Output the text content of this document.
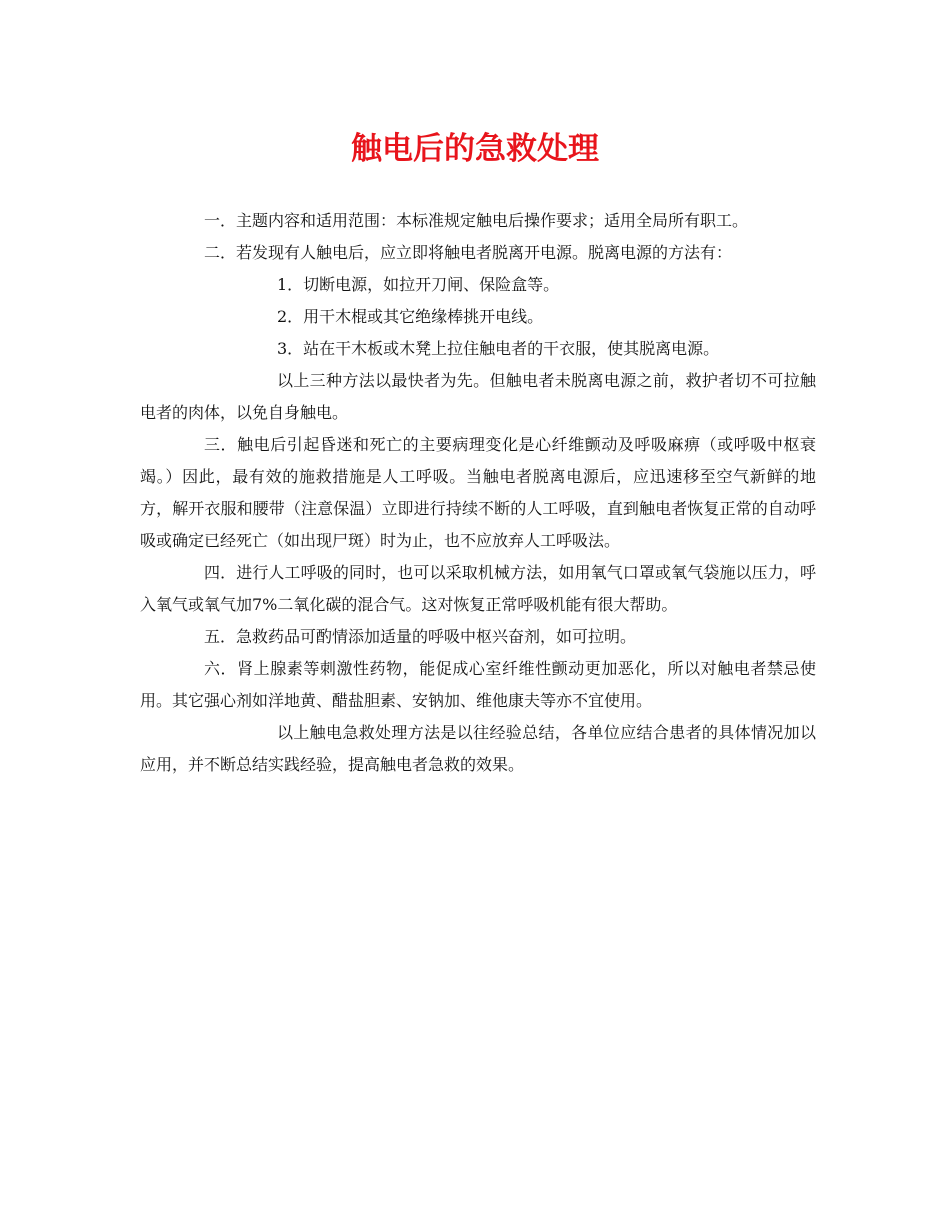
触电后的急救处理

一．主题内容和适用范围：本标准规定触电后操作要求；适用全局所有职工。

二．若发现有人触电后，应立即将触电者脱离开电源。脱离电源的方法有：

1．切断电源，如拉开刀闸、保险盒等。

2．用干木棍或其它绝缘棒挑开电线。

3．站在干木板或木凳上拉住触电者的干衣服，使其脱离电源。

以上三种方法以最快者为先。但触电者未脱离电源之前，救护者切不可拉触电者的肉体，以免自身触电。

三．触电后引起昏迷和死亡的主要病理变化是心纤维颤动及呼吸麻痹（或呼吸中枢衰竭。）因此，最有效的施救措施是人工呼吸。当触电者脱离电源后，应迅速移至空气新鲜的地方，解开衣服和腰带（注意保温）立即进行持续不断的人工呼吸，直到触电者恢复正常的自动呼吸或确定已经死亡（如出现尸斑）时为止，也不应放弃人工呼吸法。

四．进行人工呼吸的同时，也可以采取机械方法，如用氧气口罩或氧气袋施以压力，呼入氧气或氧气加7%二氧化碳的混合气。这对恢复正常呼吸机能有很大帮助。

五．急救药品可酌情添加适量的呼吸中枢兴奋剂，如可拉明。

六．肾上腺素等刺激性药物，能促成心室纤维性颤动更加恶化，所以对触电者禁忌使用。其它强心剂如洋地黄、醋盐胆素、安钠加、维他康夫等亦不宜使用。

以上触电急救处理方法是以往经验总结，各单位应结合患者的具体情况加以应用，并不断总结实践经验，提高触电者急救的效果。
